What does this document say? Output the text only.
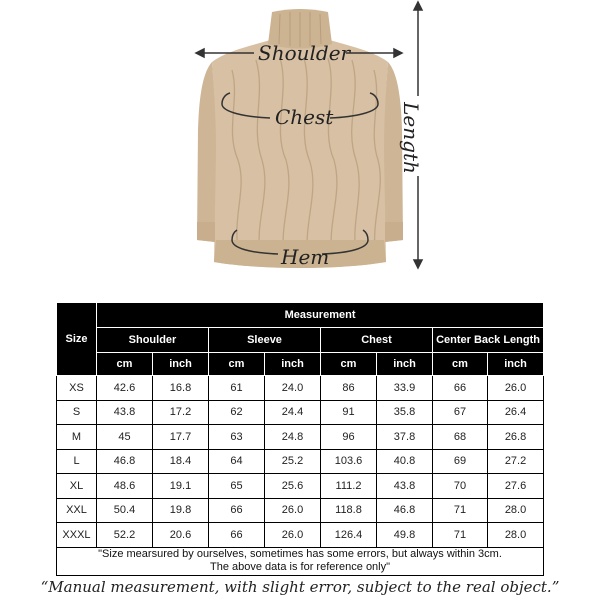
Shoulder
Chest
Hem
Length
Size	Measurement							
	Shoulder		Sleeve		Chest		Center Back Length	
	cm	inch	cm	inch	cm	inch	cm	inch
XS	42.6	16.8	61	24.0	86	33.9	66	26.0
S	43.8	17.2	62	24.4	91	35.8	67	26.4
M	45	17.7	63	24.8	96	37.8	68	26.8
L	46.8	18.4	64	25.2	103.6	40.8	69	27.2
XL	48.6	19.1	65	25.6	111.2	43.8	70	27.6
XXL	50.4	19.8	66	26.0	118.8	46.8	71	28.0
XXXL	52.2	20.6	66	26.0	126.4	49.8	71	28.0

"Size mearsured by ourselves, sometimes has some errors, but always within 3cm.
The above data is for reference only"								
“Manual measurement, with slight error, subject to the real object.”
